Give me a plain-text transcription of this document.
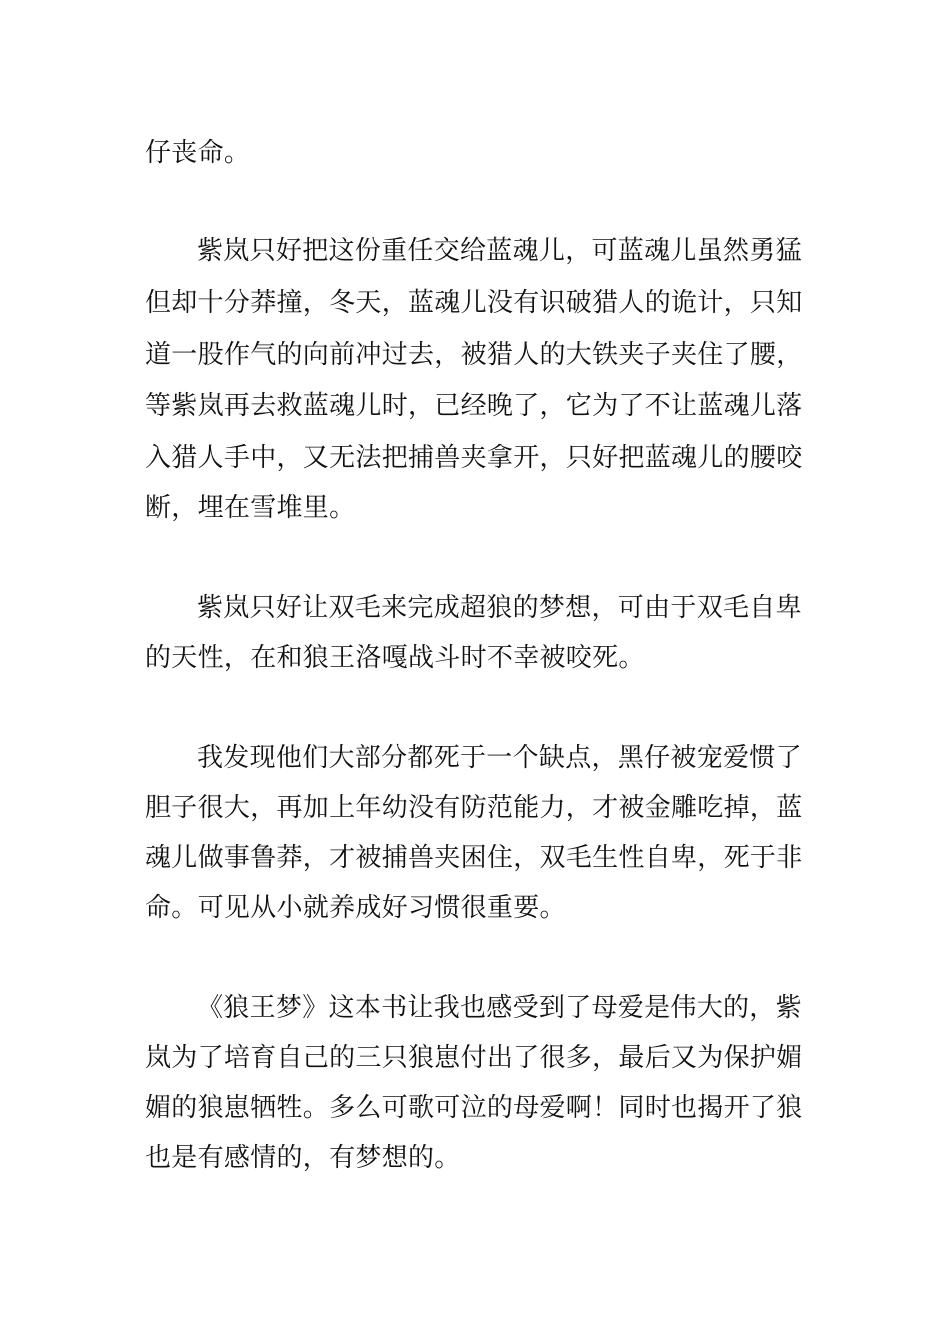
仔丧命。
紫岚只好把这份重任交给蓝魂儿，可蓝魂儿虽然勇猛
但却十分莽撞，冬天，蓝魂儿没有识破猎人的诡计，只知
道一股作气的向前冲过去，被猎人的大铁夹子夹住了腰，
等紫岚再去救蓝魂儿时，已经晚了，它为了不让蓝魂儿落
入猎人手中，又无法把捕兽夹拿开，只好把蓝魂儿的腰咬
断，埋在雪堆里。
紫岚只好让双毛来完成超狼的梦想，可由于双毛自卑
的天性，在和狼王洛嘎战斗时不幸被咬死。
我发现他们大部分都死于一个缺点，黑仔被宠爱惯了
胆子很大，再加上年幼没有防范能力，才被金雕吃掉，蓝
魂儿做事鲁莽，才被捕兽夹困住，双毛生性自卑，死于非
命。可见从小就养成好习惯很重要。
《狼王梦》这本书让我也感受到了母爱是伟大的，紫
岚为了培育自己的三只狼崽付出了很多，最后又为保护媚
媚的狼崽牺牲。多么可歌可泣的母爱啊！同时也揭开了狼
也是有感情的，有梦想的。
